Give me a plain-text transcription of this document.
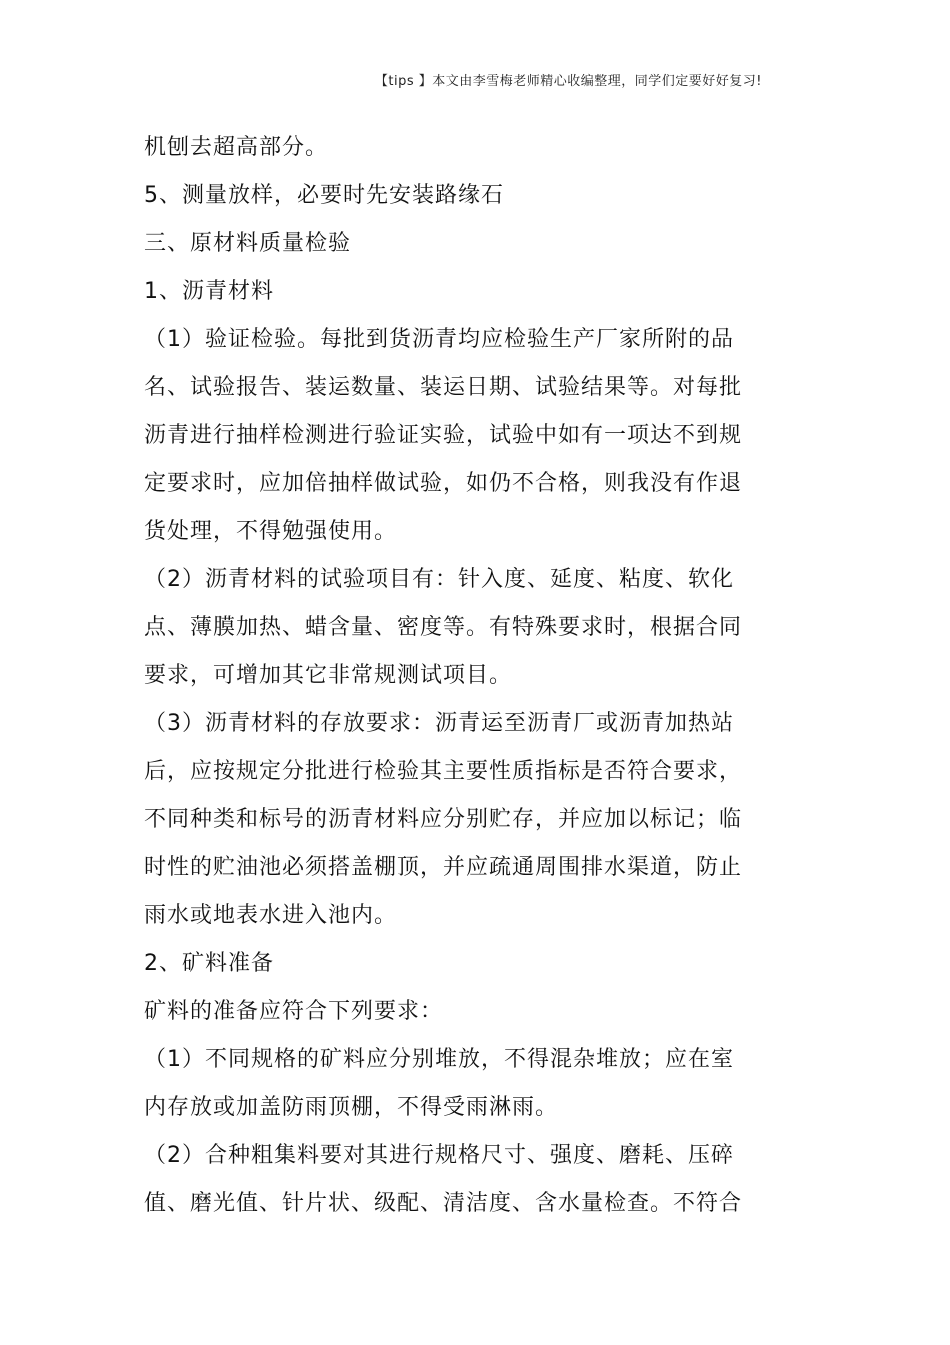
【tips 】本文由李雪梅老师精心收编整理，同学们定要好好复习!
机刨去超高部分。
5、测量放样，必要时先安装路缘石
三、原材料质量检验
1、沥青材料
（1）验证检验。每批到货沥青均应检验生产厂家所附的品
名、试验报告、装运数量、装运日期、试验结果等。对每批
沥青进行抽样检测进行验证实验，试验中如有一项达不到规
定要求时，应加倍抽样做试验，如仍不合格，则我没有作退
货处理，不得勉强使用。
（2）沥青材料的试验项目有：针入度、延度、粘度、软化
点、薄膜加热、蜡含量、密度等。有特殊要求时，根据合同
要求，可增加其它非常规测试项目。
（3）沥青材料的存放要求：沥青运至沥青厂或沥青加热站
后，应按规定分批进行检验其主要性质指标是否符合要求，
不同种类和标号的沥青材料应分别贮存，并应加以标记；临
时性的贮油池必须搭盖棚顶，并应疏通周围排水渠道，防止
雨水或地表水进入池内。
2、矿料准备
矿料的准备应符合下列要求：
（1）不同规格的矿料应分别堆放，不得混杂堆放；应在室
内存放或加盖防雨顶棚，不得受雨淋雨。
（2）合种粗集料要对其进行规格尺寸、强度、磨耗、压碎
值、磨光值、针片状、级配、清洁度、含水量检查。不符合
